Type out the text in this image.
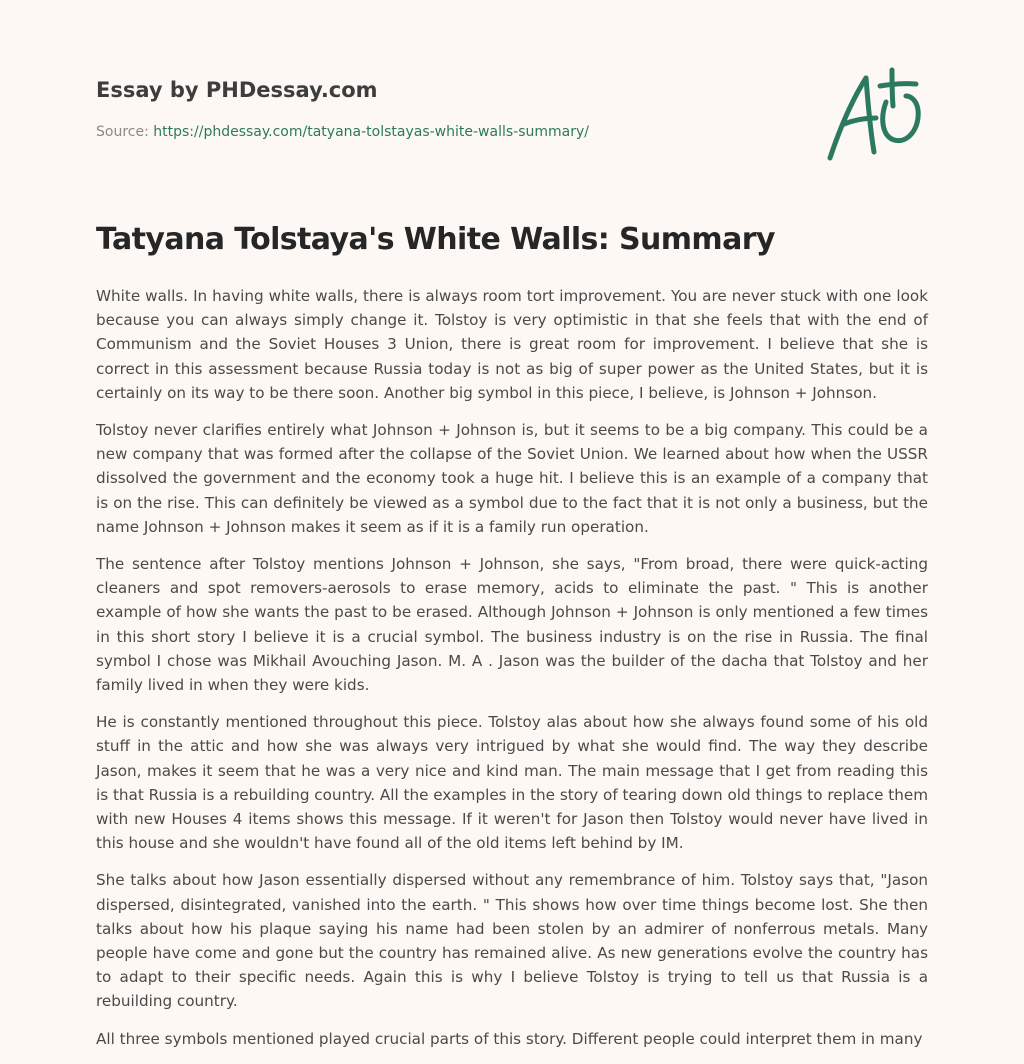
Essay by PHDessay.com
Source: https://phdessay.com/tatyana-tolstayas-white-walls-summary/
Tatyana Tolstaya's White Walls: Summary

White walls. In having white walls, there is always room tort improvement. You are never stuck with one look because you can always simply change it. Tolstoy is very optimistic in that she feels that with the end of Communism and the Soviet Houses 3 Union, there is great room for improvement. I believe that she is correct in this assessment because Russia today is not as big of super power as the United States, but it is certainly on its way to be there soon. Another big symbol in this piece, I believe, is Johnson + Johnson.

Tolstoy never clarifies entirely what Johnson + Johnson is, but it seems to be a big company. This could be a new company that was formed after the collapse of the Soviet Union. We learned about how when the USSR dissolved the government and the economy took a huge hit. I believe this is an example of a company that is on the rise. This can definitely be viewed as a symbol due to the fact that it is not only a business, but the name Johnson + Johnson makes it seem as if it is a family run operation.

The sentence after Tolstoy mentions Johnson + Johnson, she says, "From broad, there were quick-acting cleaners and spot removers-aerosols to erase memory, acids to eliminate the past. " This is another example of how she wants the past to be erased. Although Johnson + Johnson is only mentioned a few times in this short story I believe it is a crucial symbol. The business industry is on the rise in Russia. The final symbol I chose was Mikhail Avouching Jason. M. A . Jason was the builder of the dacha that Tolstoy and her family lived in when they were kids.

He is constantly mentioned throughout this piece. Tolstoy alas about how she always found some of his old stuff in the attic and how she was always very intrigued by what she would find. The way they describe Jason, makes it seem that he was a very nice and kind man. The main message that I get from reading this is that Russia is a rebuilding country. All the examples in the story of tearing down old things to replace them with new Houses 4 items shows this message. If it weren't for Jason then Tolstoy would never have lived in this house and she wouldn't have found all of the old items left behind by IM.

She talks about how Jason essentially dispersed without any remembrance of him. Tolstoy says that, "Jason dispersed, disintegrated, vanished into the earth. " This shows how over time things become lost. She then talks about how his plaque saying his name had been stolen by an admirer of nonferrous metals. Many people have come and gone but the country has remained alive. As new generations evolve the country has to adapt to their specific needs. Again this is why I believe Tolstoy is trying to tell us that Russia is a rebuilding country.

All three symbols mentioned played crucial parts of this story. Different people could interpret them in many
